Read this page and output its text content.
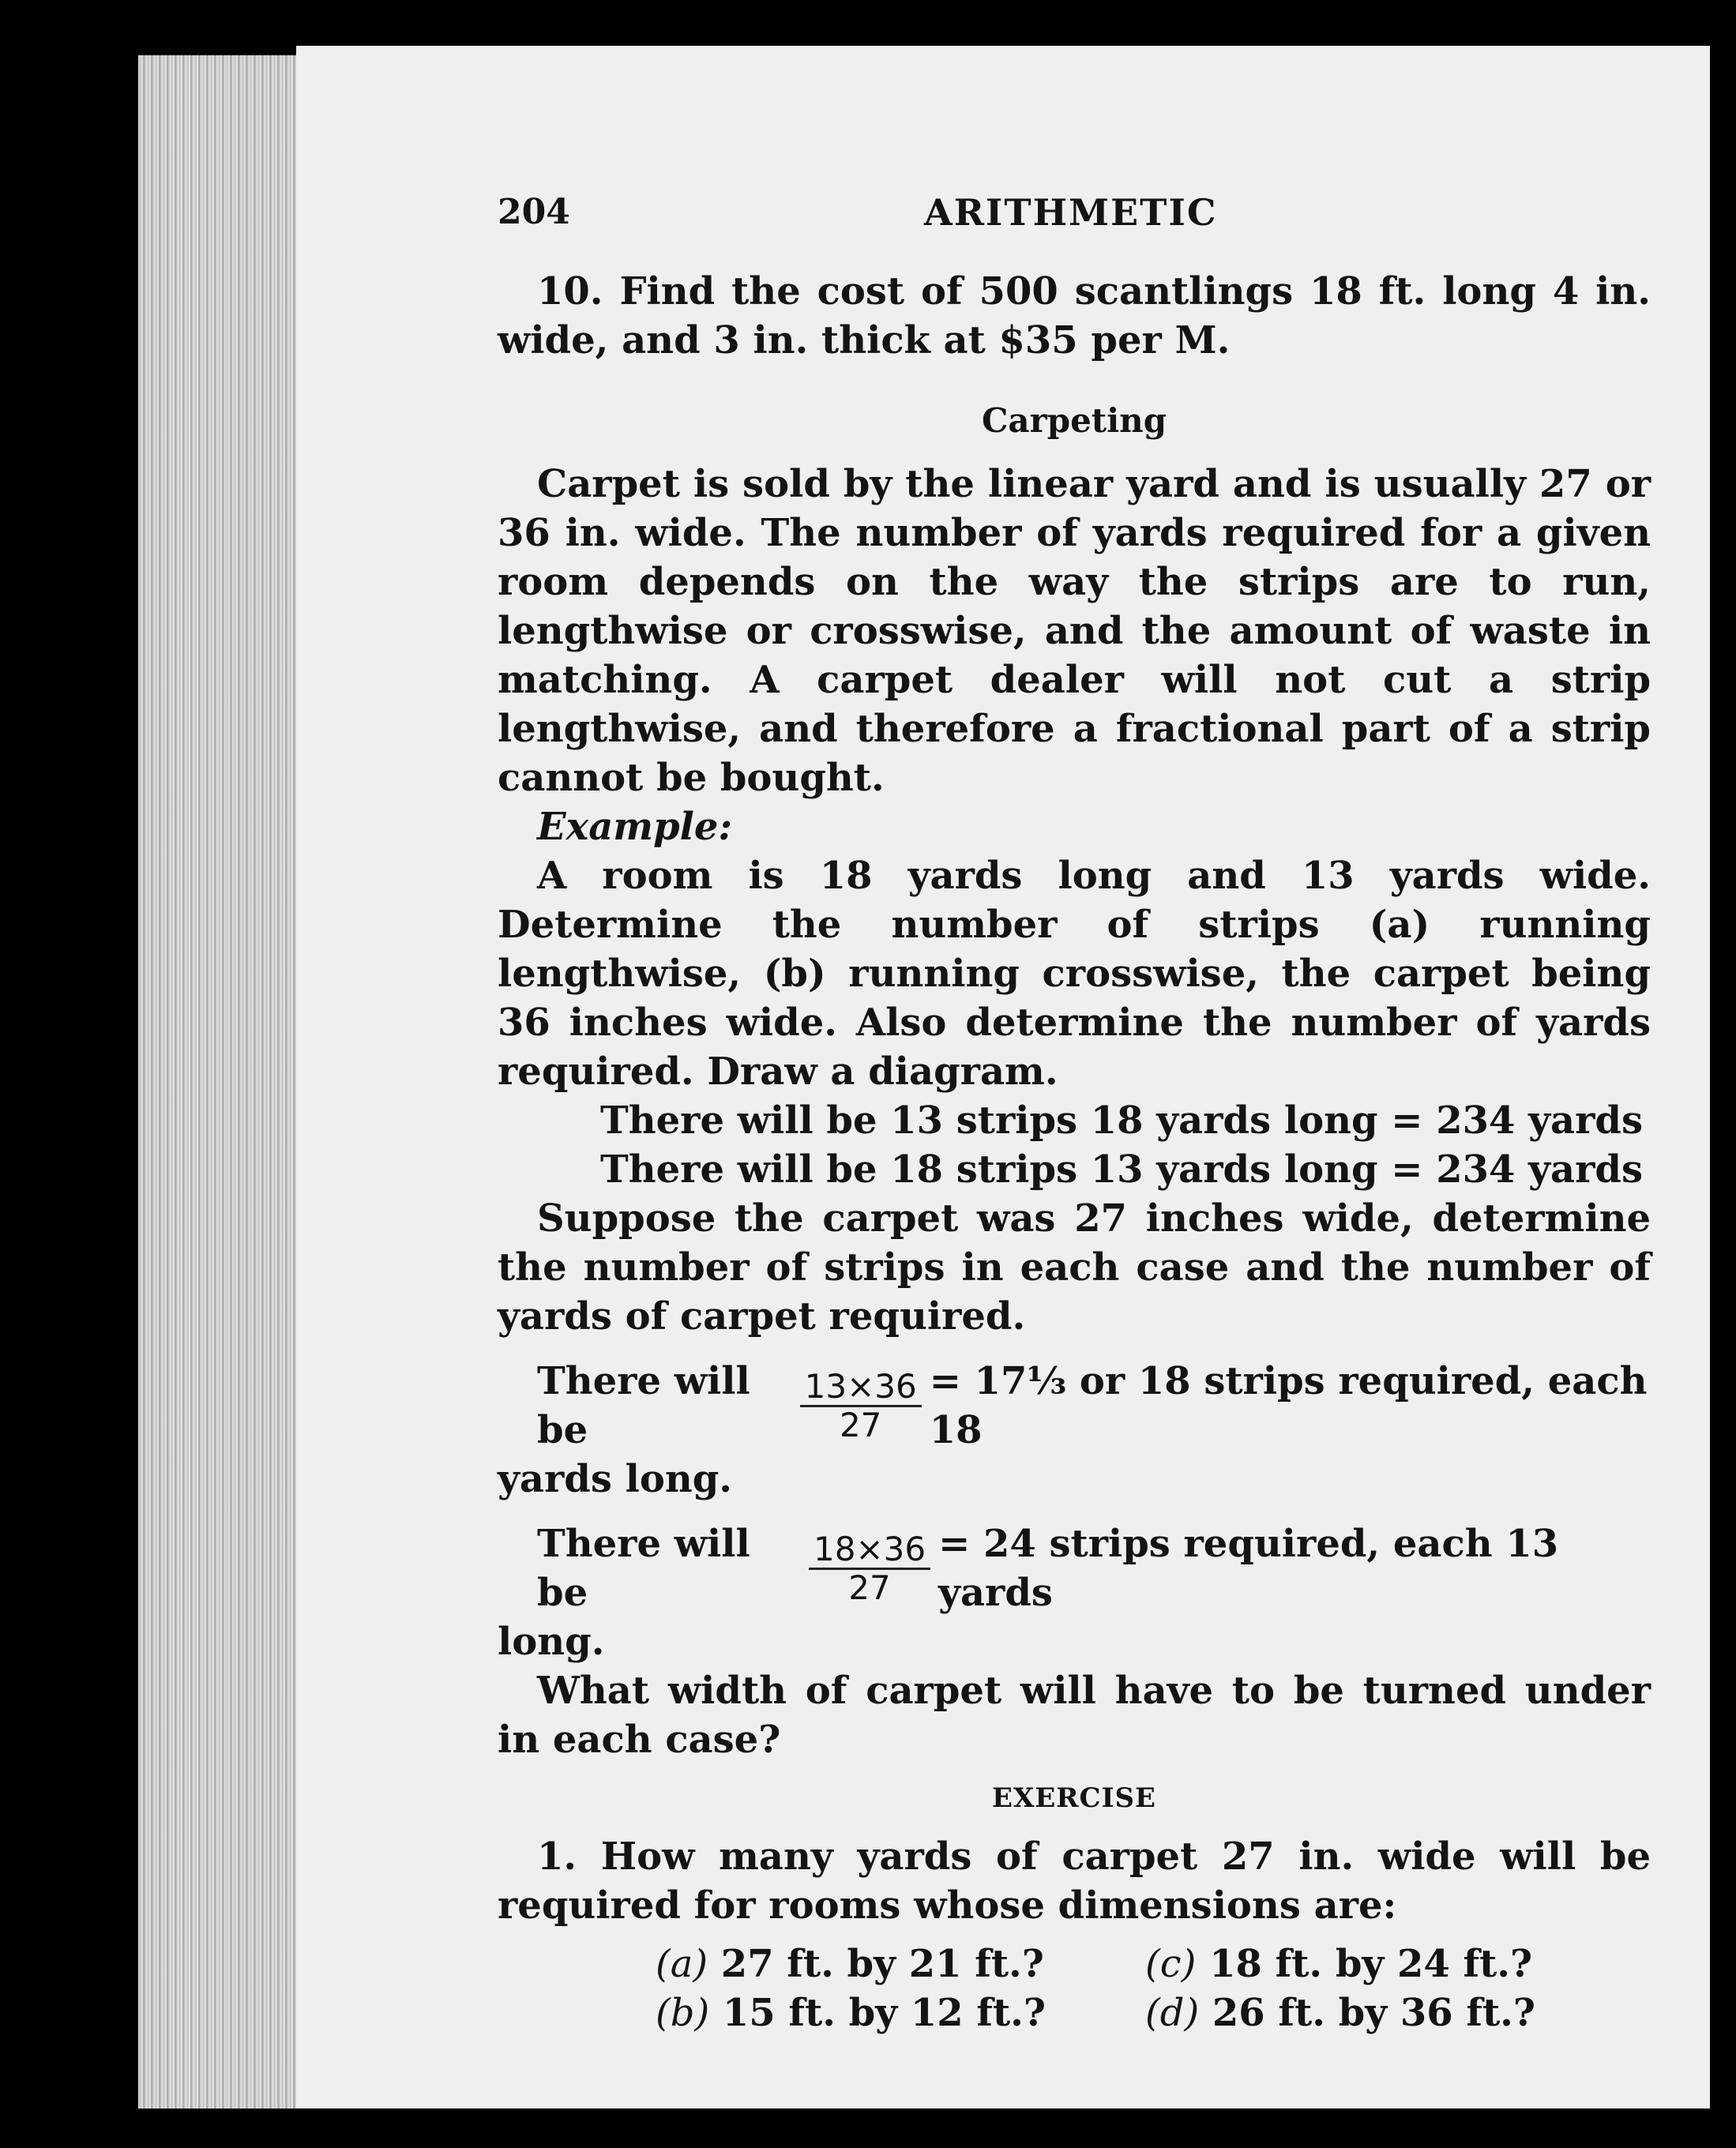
204	ARITHMETIC

10. Find the cost of 500 scantlings 18 ft. long 4 in. wide, and 3 in. thick at $35 per M.

Carpeting

Carpet is sold by the linear yard and is usually 27 or 36 in. wide. The number of yards required for a given room depends on the way the strips are to run, lengthwise or crosswise, and the amount of waste in matching. A carpet dealer will not cut a strip lengthwise, and therefore a fractional part of a strip cannot be bought.

Example:

A room is 18 yards long and 13 yards wide. Determine the number of strips (a) running lengthwise, (b) running crosswise, the carpet being 36 inches wide. Also determine the number of yards required. Draw a diagram.

There will be 13 strips 18 yards long = 234 yards
There will be 18 strips 13 yards long = 234 yards

Suppose the carpet was 27 inches wide, determine the number of strips in each case and the number of yards of carpet required.

There will be	$\frac{13\times 36}{27}$ = 17⅓ or 18 strips required, each 18
yards long.
There will be	$\frac{18\times 36}{27} = 24$ strips required, each 13 yards
long.

What width of carpet will have to be turned under in each case?

EXERCISE

1. How many yards of carpet 27 in. wide will be required for rooms whose dimensions are:

(a) 27 ft. by 21 ft.?	(c) 18 ft. by 24 ft.?
(b) 15 ft. by 12 ft.?	(d) 26 ft. by 36 ft.?
